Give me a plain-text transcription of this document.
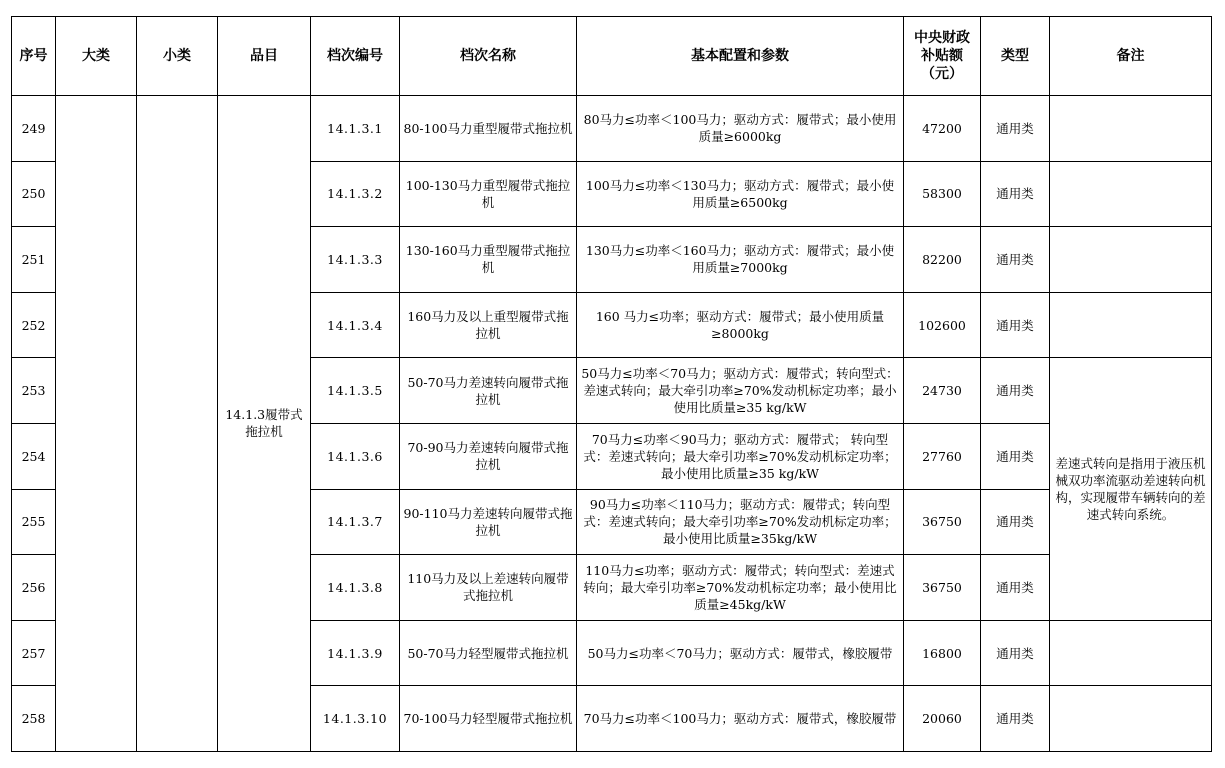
序号	大类	小类	品目	档次编号	档次名称	基本配置和参数	中央财政补贴额（元）	类型	备注
249			14.1.3履带式拖拉机	14.1.3.1	80-100马力重型履带式拖拉机	80马力≤功率＜100马力；驱动方式：履带式；最小使用质量≥6000kg	47200	通用类	
250				14.1.3.2	100-130马力重型履带式拖拉机	100马力≤功率＜130马力；驱动方式：履带式；最小使用质量≥6500kg	58300	通用类	
251				14.1.3.3	130-160马力重型履带式拖拉机	130马力≤功率＜160马力；驱动方式：履带式；最小使用质量≥7000kg	82200	通用类	
252				14.1.3.4	160马力及以上重型履带式拖拉机	160 马力≤功率；驱动方式：履带式；最小使用质量≥8000kg	102600	通用类	
253				14.1.3.5	50-70马力差速转向履带式拖拉机	50马力≤功率＜70马力；驱动方式：履带式；转向型式：差速式转向；最大牵引功率≥70%发动机标定功率；最小使用比质量≥35 kg/kW	24730	通用类	差速式转向是指用于液压机械双功率流驱动差速转向机构，实现履带车辆转向的差速式转向系统。
254				14.1.3.6	70-90马力差速转向履带式拖拉机	70马力≤功率＜90马力；驱动方式：履带式； 转向型式：差速式转向；最大牵引功率≥70%发动机标定功率；最小使用比质量≥35 kg/kW	27760	通用类	
255				14.1.3.7	90-110马力差速转向履带式拖拉机	90马力≤功率＜110马力；驱动方式：履带式；转向型式：差速式转向；最大牵引功率≥70%发动机标定功率；最小使用比质量≥35kg/kW	36750	通用类	
256				14.1.3.8	110马力及以上差速转向履带式拖拉机	110马力≤功率；驱动方式：履带式；转向型式：差速式转向；最大牵引功率≥70%发动机标定功率；最小使用比质量≥45kg/kW	36750	通用类	
257				14.1.3.9	50-70马力轻型履带式拖拉机	50马力≤功率＜70马力；驱动方式：履带式，橡胶履带	16800	通用类	
258				14.1.3.10	70-100马力轻型履带式拖拉机	70马力≤功率＜100马力；驱动方式：履带式，橡胶履带	20060	通用类	
